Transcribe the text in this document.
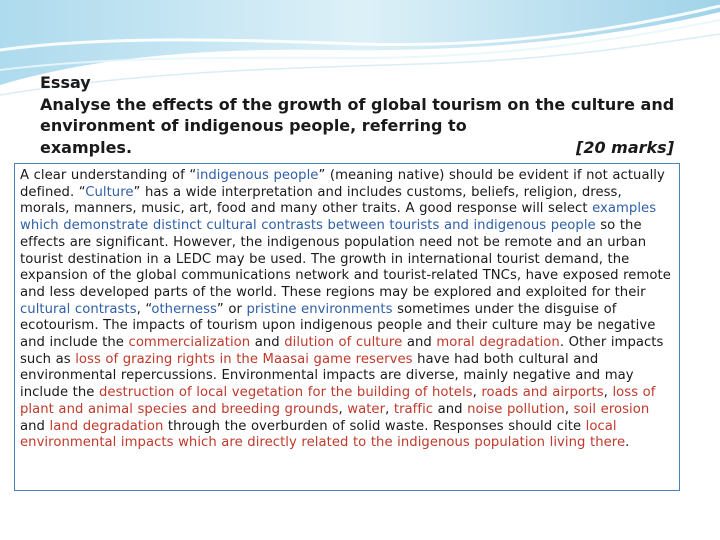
Essay
Analyse the effects of the growth of global tourism on the culture and environment of indigenous people, referring to
examples.	[20 marks]
A clear understanding of “indigenous people” (meaning native) should be evident if not actually defined. “Culture” has a wide interpretation and includes customs, beliefs, religion, dress, morals, manners, music, art, food and many other traits. A good response will select examples which demonstrate distinct cultural contrasts between tourists and indigenous people so the effects are significant. However, the indigenous population need not be remote and an urban tourist destination in a LEDC may be used. The growth in international tourist demand, the expansion of the global communications network and tourist-related TNCs, have exposed remote and less developed parts of the world. These regions may be explored and exploited for their cultural contrasts, “otherness” or pristine environments sometimes under the disguise of ecotourism. The impacts of tourism upon indigenous people and their culture may be negative and include the commercialization and dilution of culture and moral degradation. Other impacts such as loss of grazing rights in the Maasai game reserves have had both cultural and environmental repercussions. Environmental impacts are diverse, mainly negative and may include the destruction of local vegetation for the building of hotels, roads and airports, loss of plant and animal species and breeding grounds, water, traffic and noise pollution, soil erosion and land degradation through the overburden of solid waste. Responses should cite local environmental impacts which are directly related to the indigenous population living there.
